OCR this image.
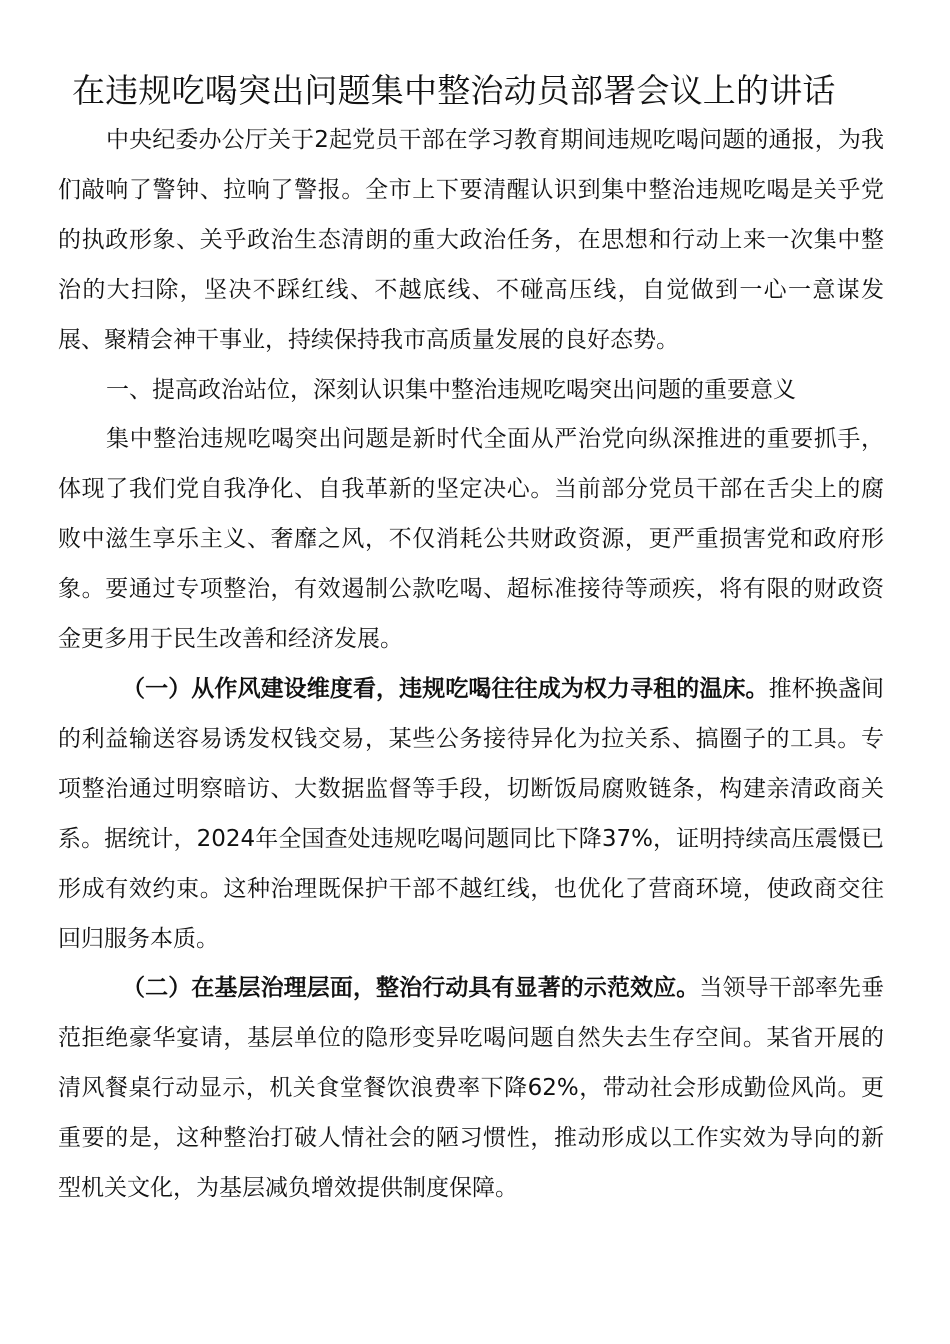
在违规吃喝突出问题集中整治动员部署会议上的讲话

中央纪委办公厅关于2起党员干部在学习教育期间违规吃喝问题的通报，为我们敲响了警钟、拉响了警报。全市上下要清醒认识到集中整治违规吃喝是关乎党的执政形象、关乎政治生态清朗的重大政治任务，在思想和行动上来一次集中整治的大扫除，坚决不踩红线、不越底线、不碰高压线，自觉做到一心一意谋发展、聚精会神干事业，持续保持我市高质量发展的良好态势。

一、提高政治站位，深刻认识集中整治违规吃喝突出问题的重要意义

集中整治违规吃喝突出问题是新时代全面从严治党向纵深推进的重要抓手，体现了我们党自我净化、自我革新的坚定决心。当前部分党员干部在舌尖上的腐败中滋生享乐主义、奢靡之风，不仅消耗公共财政资源，更严重损害党和政府形象。要通过专项整治，有效遏制公款吃喝、超标准接待等顽疾，将有限的财政资金更多用于民生改善和经济发展。

（一）从作风建设维度看，违规吃喝往往成为权力寻租的温床。推杯换盏间的利益输送容易诱发权钱交易，某些公务接待异化为拉关系、搞圈子的工具。专项整治通过明察暗访、大数据监督等手段，切断饭局腐败链条，构建亲清政商关系。据统计，2024年全国查处违规吃喝问题同比下降37%，证明持续高压震慑已形成有效约束。这种治理既保护干部不越红线，也优化了营商环境，使政商交往回归服务本质。

（二）在基层治理层面，整治行动具有显著的示范效应。当领导干部率先垂范拒绝豪华宴请，基层单位的隐形变异吃喝问题自然失去生存空间。某省开展的清风餐桌行动显示，机关食堂餐饮浪费率下降62%，带动社会形成勤俭风尚。更重要的是，这种整治打破人情社会的陋习惯性，推动形成以工作实效为导向的新型机关文化，为基层减负增效提供制度保障。
